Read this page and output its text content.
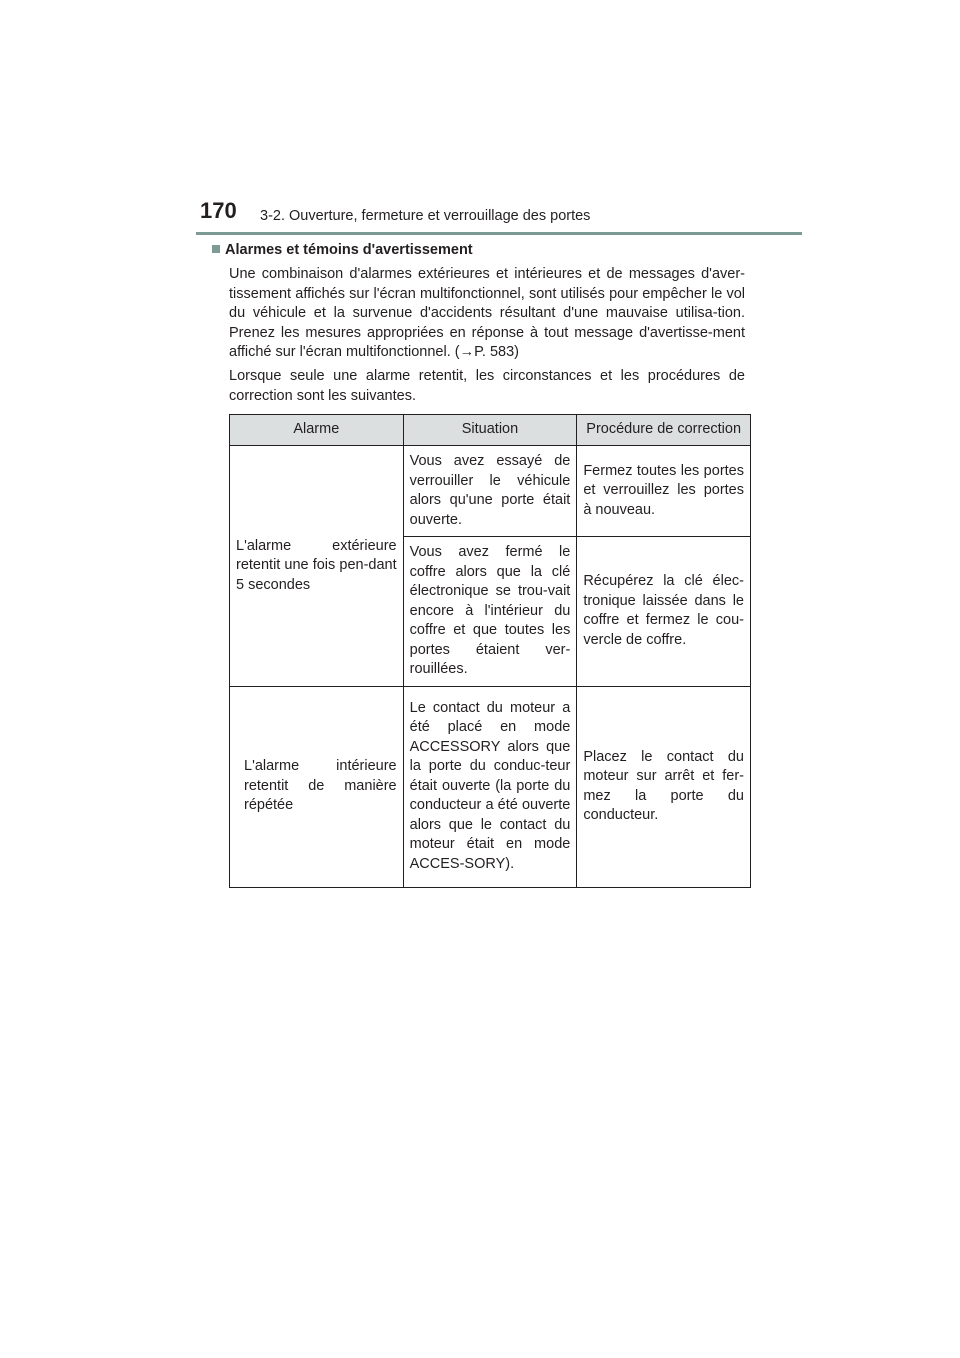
170 3-2. Ouverture, fermeture et verrouillage des portes
Alarmes et témoins d'avertissement
Une combinaison d'alarmes extérieures et intérieures et de messages d'aver-tissement affichés sur l'écran multifonctionnel, sont utilisés pour empêcher le vol du véhicule et la survenue d'accidents résultant d'une mauvaise utilisa-tion. Prenez les mesures appropriées en réponse à tout message d'avertisse-ment affiché sur l'écran multifonctionnel. (→P. 583)
Lorsque seule une alarme retentit, les circonstances et les procédures de correction sont les suivantes.
Alarme	Situation	Procédure de correction
L'alarme extérieure retentit une fois pen-dant 5 secondes	Vous avez essayé de verrouiller le véhicule alors qu'une porte était ouverte.	Fermez toutes les portes et verrouillez les portes à nouveau.
	Vous avez fermé le coffre alors que la clé électronique se trou-vait encore à l'intérieur du coffre et que toutes les portes étaient ver-rouillées.	Récupérez la clé élec-tronique laissée dans le coffre et fermez le cou-vercle de coffre.
L'alarme intérieure retentit de manière répétée	Le contact du moteur a été placé en mode ACCESSORY alors que la porte du conduc-teur était ouverte (la porte du conducteur a été ouverte alors que le contact du moteur était en mode ACCES-SORY).	Placez le contact du moteur sur arrêt et fer-mez la porte du conducteur.
